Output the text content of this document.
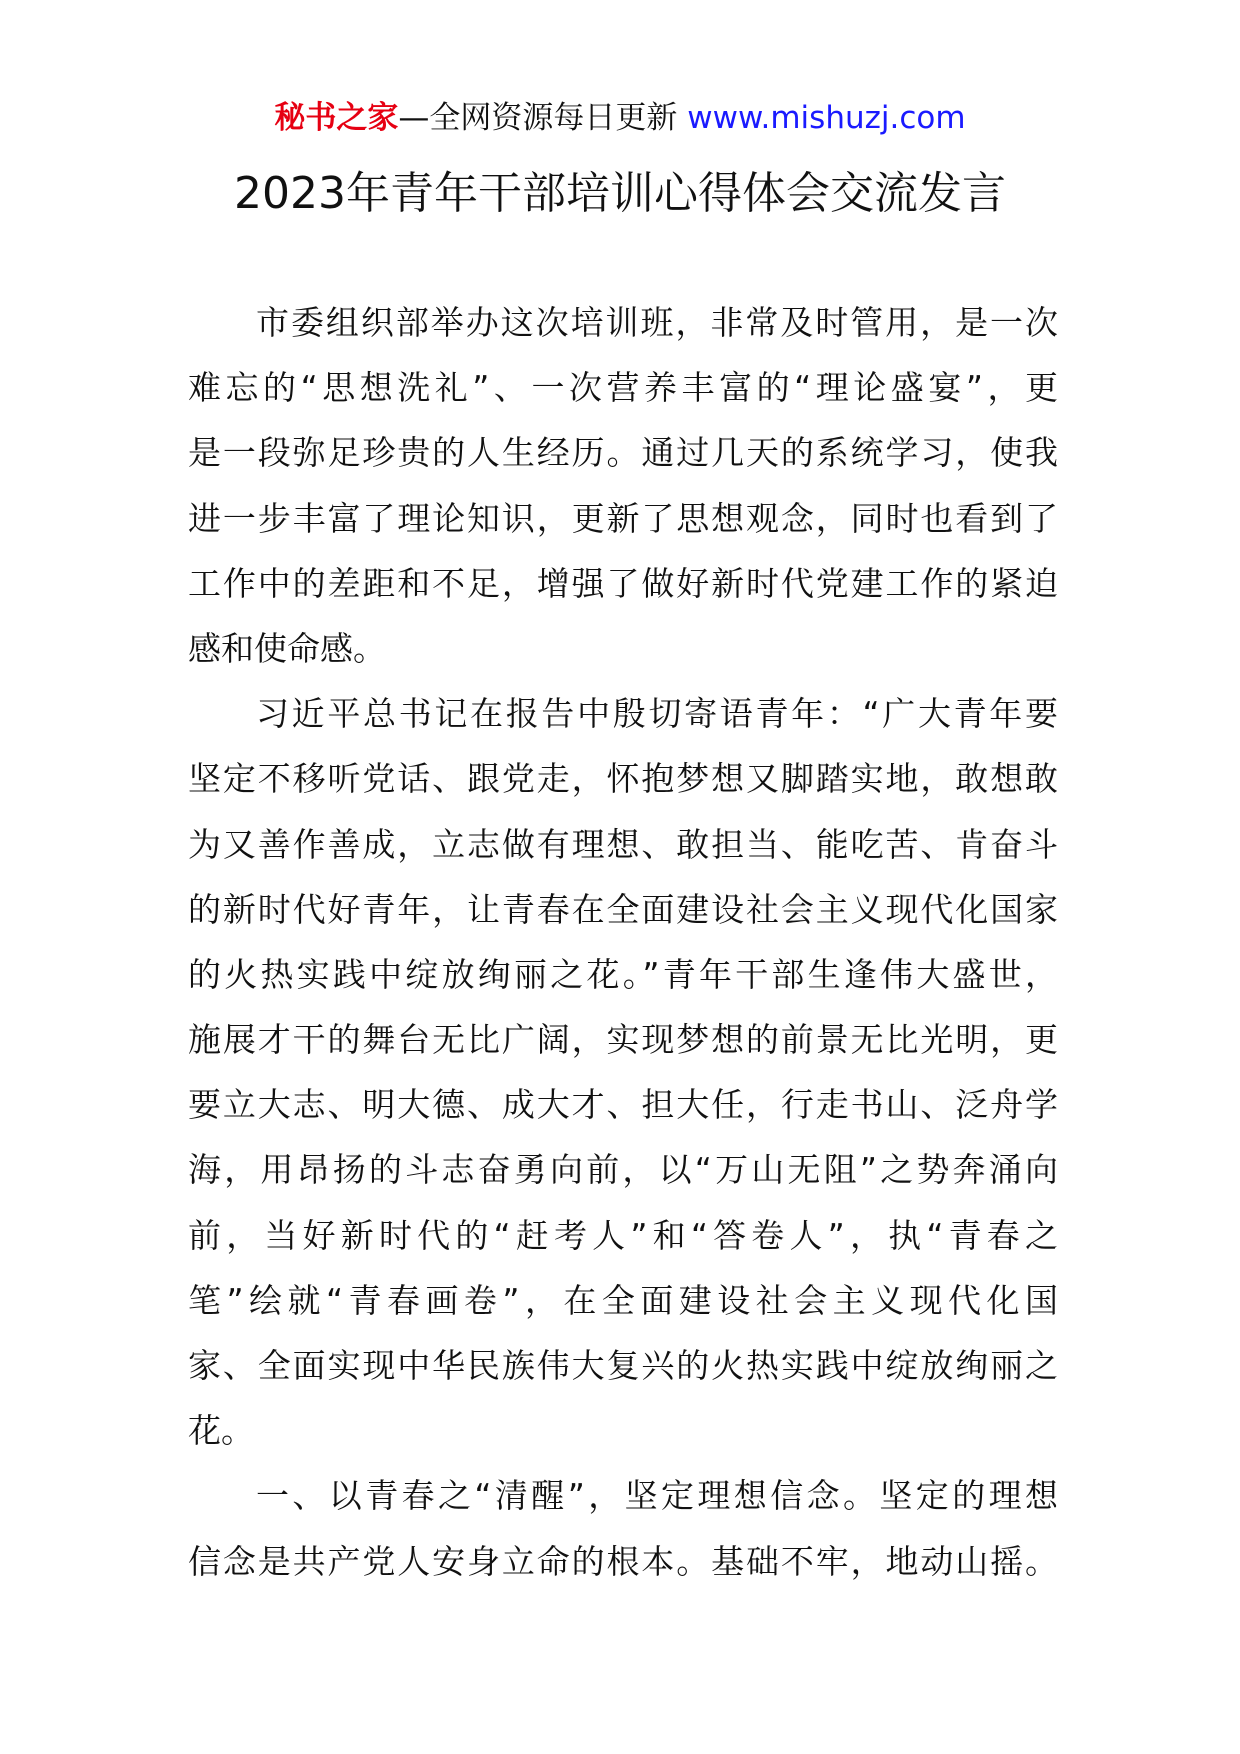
秘书之家—全网资源每日更新 www.mishuzj.com
2023年青年干部培训心得体会交流发言

市委组织部举办这次培训班，非常及时管用，是一次
难忘的“思想洗礼”、一次营养丰富的“理论盛宴”，更
是一段弥足珍贵的人生经历。通过几天的系统学习，使我
进一步丰富了理论知识，更新了思想观念，同时也看到了
工作中的差距和不足，增强了做好新时代党建工作的紧迫
感和使命感。

习近平总书记在报告中殷切寄语青年：“广大青年要
坚定不移听党话、跟党走，怀抱梦想又脚踏实地，敢想敢
为又善作善成，立志做有理想、敢担当、能吃苦、肯奋斗
的新时代好青年，让青春在全面建设社会主义现代化国家
的火热实践中绽放绚丽之花。”青年干部生逢伟大盛世，
施展才干的舞台无比广阔，实现梦想的前景无比光明，更
要立大志、明大德、成大才、担大任，行走书山、泛舟学
海，用昂扬的斗志奋勇向前，以“万山无阻”之势奔涌向
前，当好新时代的“赶考人”和“答卷人”，执“青春之
笔”绘就“青春画卷”，在全面建设社会主义现代化国
家、全面实现中华民族伟大复兴的火热实践中绽放绚丽之
花。

一、以青春之“清醒”，坚定理想信念。坚定的理想
信念是共产党人安身立命的根本。基础不牢，地动山摇。
